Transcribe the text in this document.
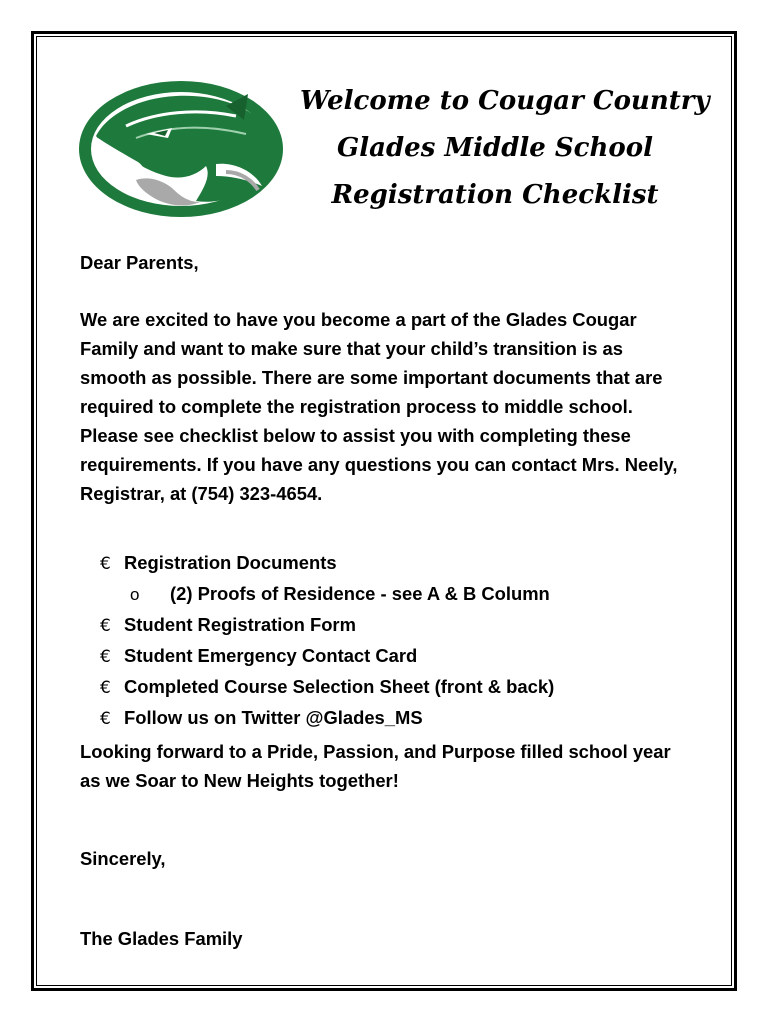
Welcome to Cougar Country
Glades Middle School
Registration Checklist
Dear Parents,
We are excited to have you become a part of the Glades Cougar Family and want to make sure that your child’s transition is as smooth as possible. There are some important documents that are required to complete the registration process to middle school. Please see checklist below to assist you with completing these requirements. If you have any questions you can contact Mrs. Neely, Registrar, at (754) 323-4654.
€ Registration Documents
o	(2) Proofs of Residence - see A & B Column
€ Student Registration Form
€ Student Emergency Contact Card
€ Completed Course Selection Sheet (front & back)
€ Follow us on Twitter @Glades_MS
Looking forward to a Pride, Passion, and Purpose filled school year as we Soar to New Heights together!
Sincerely,
The Glades Family
